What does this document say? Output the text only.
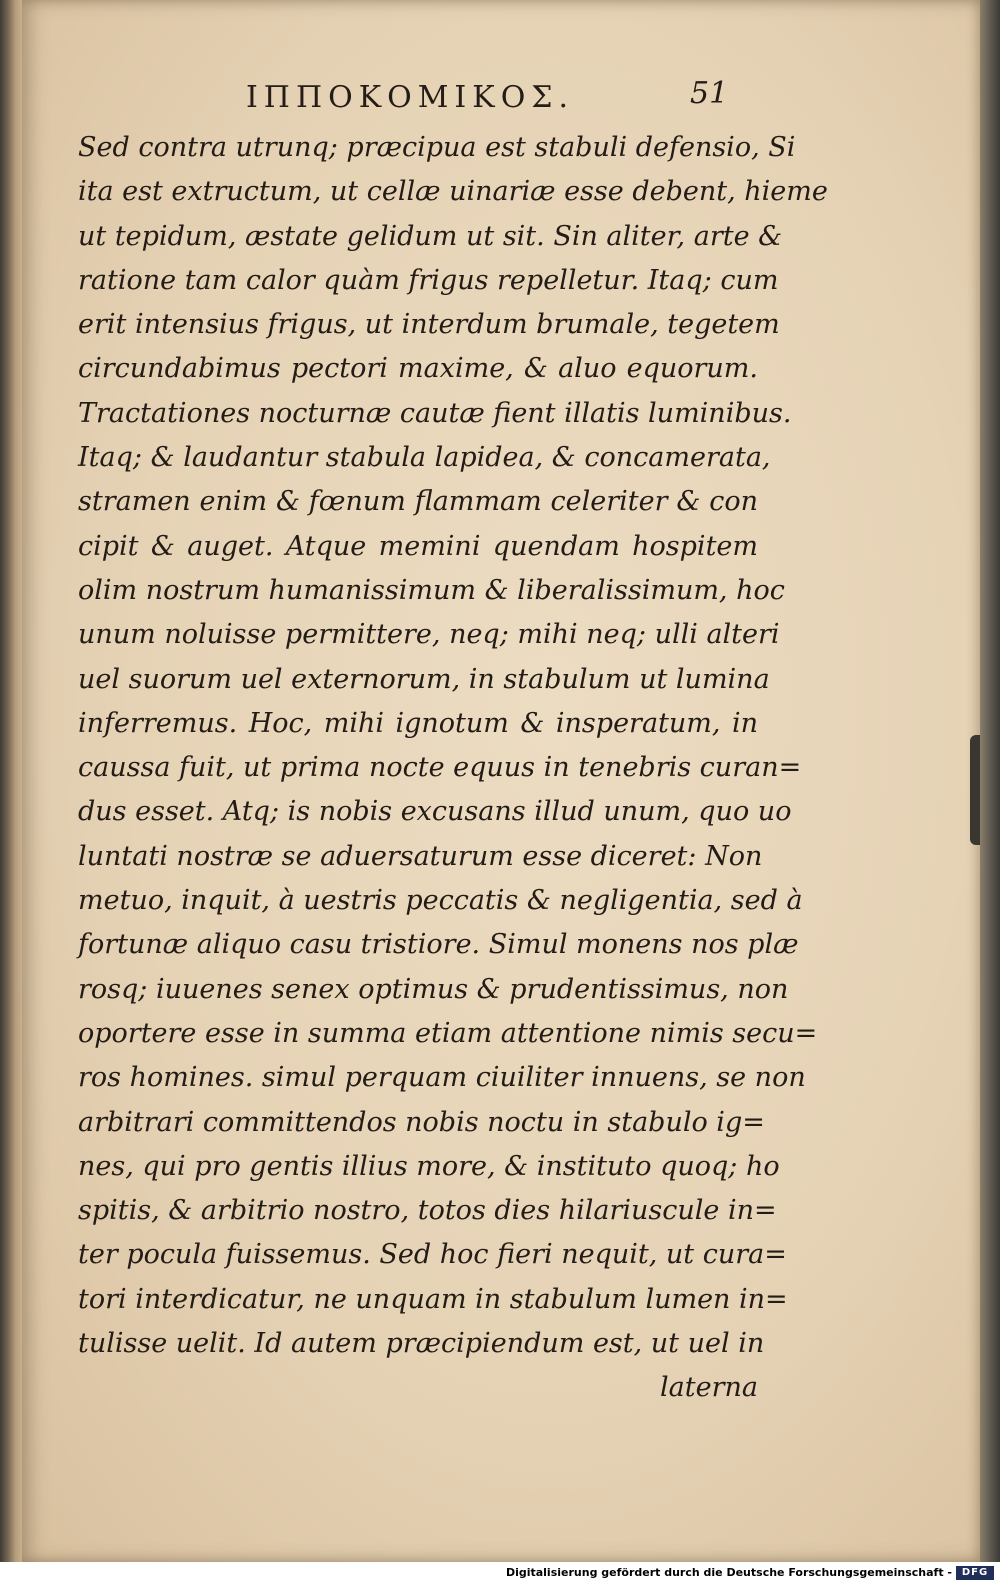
ΙΠΠΟΚΟΜΙΚΟΣ.	51
Sed contra utrunq; præcipua est stabuli defensio, Si
ita est extructum, ut cellæ uinariæ esse debent, hieme
ut tepidum, æstate gelidum ut sit. Sin aliter, arte &
ratione tam calor quàm frigus repelletur. Itaq; cum
erit intensius frigus, ut interdum brumale, tegetem
circundabimus pectori maxime, & aluo equorum.
Tractationes nocturnæ cautæ fient illatis luminibus.
Itaq; & laudantur stabula lapidea, & concamerata,
stramen enim & fœnum flammam celeriter & con
cipit & auget. Atque memini quendam hospitem
olim nostrum humanissimum & liberalissimum, hoc
unum noluisse permittere, neq; mihi neq; ulli alteri
uel suorum uel externorum, in stabulum ut lumina
inferremus. Hoc, mihi ignotum & insperatum, in
caussa fuit, ut prima nocte equus in tenebris curan=
dus esset. Atq; is nobis excusans illud unum, quo uo
luntati nostræ se aduersaturum esse diceret: Non
metuo, inquit, à uestris peccatis & negligentia, sed à
fortunæ aliquo casu tristiore. Simul monens nos plæ
rosq; iuuenes senex optimus & prudentissimus, non
oportere esse in summa etiam attentione nimis secu=
ros homines. simul perquam ciuiliter innuens, se non
arbitrari committendos nobis noctu in stabulo ig=
nes, qui pro gentis illius more, & instituto quoq; ho
spitis, & arbitrio nostro, totos dies hilariuscule in=
ter pocula fuissemus. Sed hoc fieri nequit, ut cura=
tori interdicatur, ne unquam in stabulum lumen in=
tulisse uelit. Id autem præcipiendum est, ut uel in
laterna
Digitalisierung gefördert durch die Deutsche Forschungsgemeinschaft - DFG
